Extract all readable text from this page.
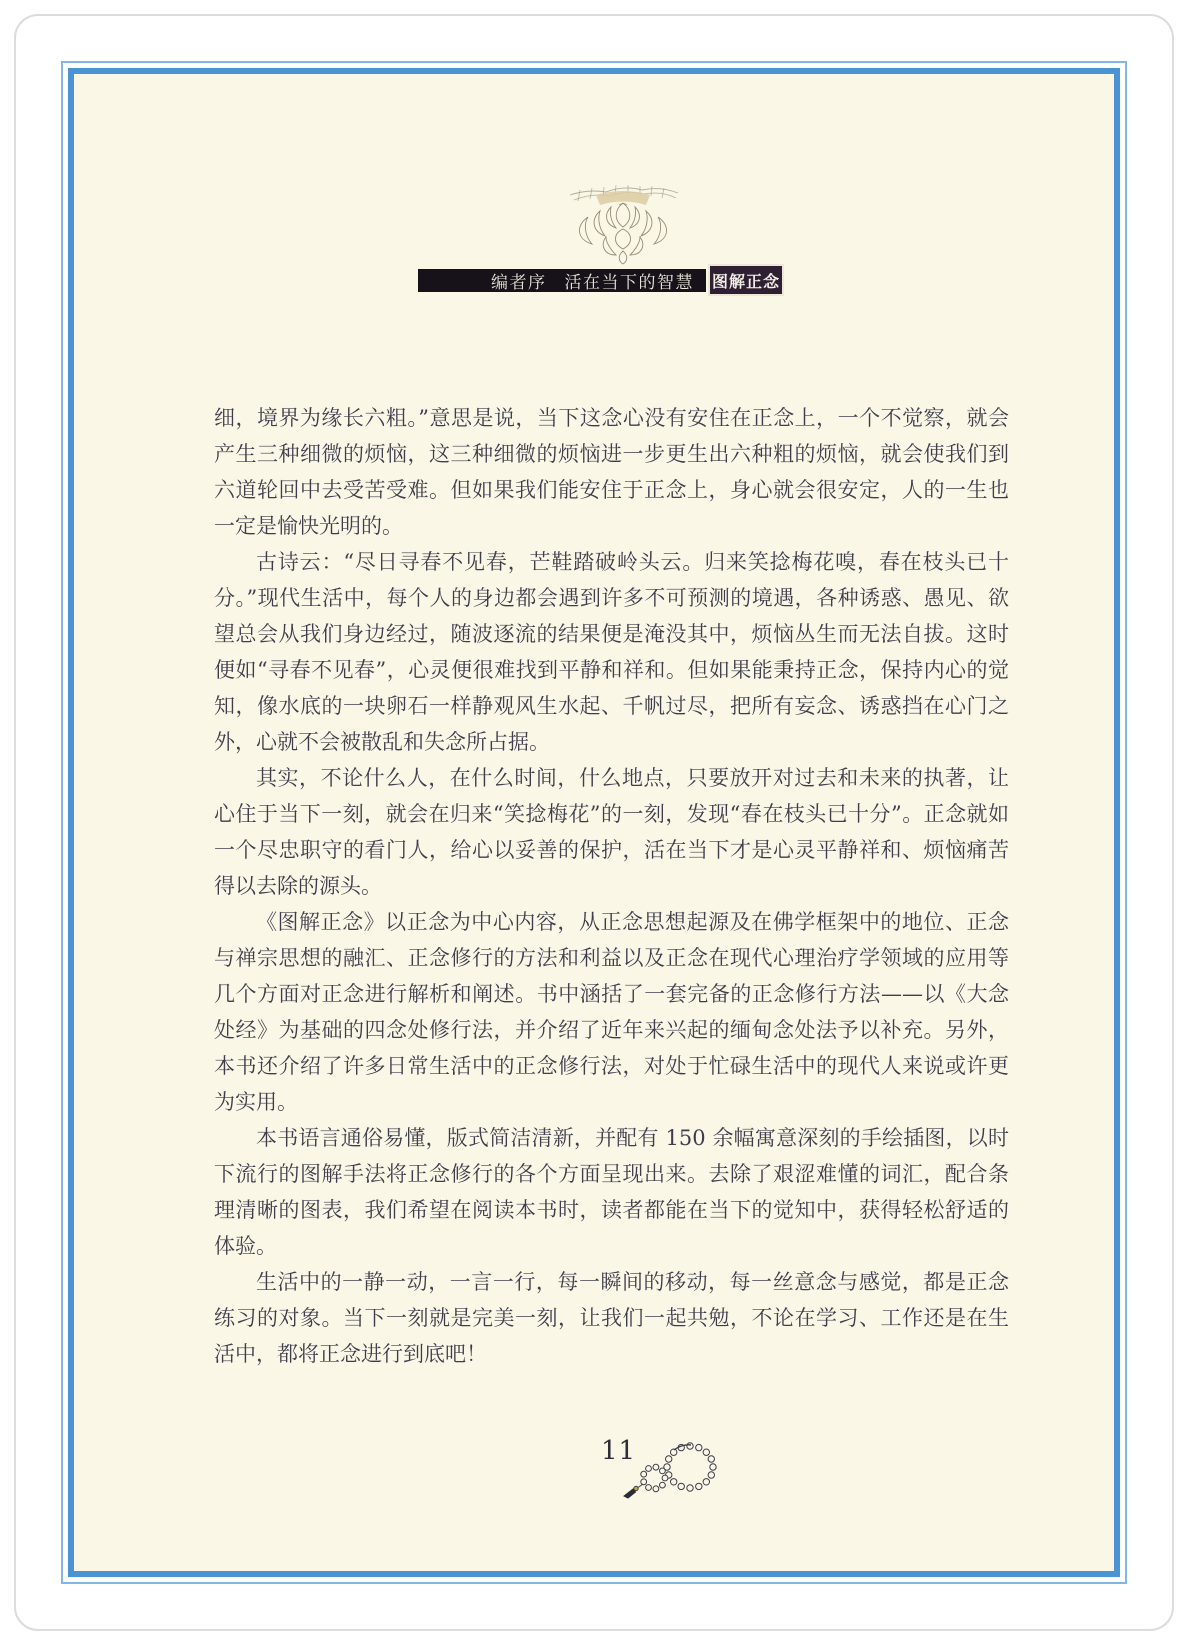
编者序 活在当下的智慧 图解正念

细，境界为缘长六粗。”意思是说，当下这念心没有安住在正念上，一个不觉察，就会产生三种细微的烦恼，这三种细微的烦恼进一步更生出六种粗的烦恼，就会使我们到六道轮回中去受苦受难。但如果我们能安住于正念上，身心就会很安定，人的一生也一定是愉快光明的。

古诗云：“尽日寻春不见春，芒鞋踏破岭头云。归来笑捻梅花嗅，春在枝头已十分。”现代生活中，每个人的身边都会遇到许多不可预测的境遇，各种诱惑、愚见、欲望总会从我们身边经过，随波逐流的结果便是淹没其中，烦恼丛生而无法自拔。这时便如“寻春不见春”，心灵便很难找到平静和祥和。但如果能秉持正念，保持内心的觉知，像水底的一块卵石一样静观风生水起、千帆过尽，把所有妄念、诱惑挡在心门之外，心就不会被散乱和失念所占据。

其实，不论什么人，在什么时间，什么地点，只要放开对过去和未来的执著，让心住于当下一刻，就会在归来“笑捻梅花”的一刻，发现“春在枝头已十分”。正念就如一个尽忠职守的看门人，给心以妥善的保护，活在当下才是心灵平静祥和、烦恼痛苦得以去除的源头。

《图解正念》以正念为中心内容，从正念思想起源及在佛学框架中的地位、正念与禅宗思想的融汇、正念修行的方法和利益以及正念在现代心理治疗学领域的应用等几个方面对正念进行解析和阐述。书中涵括了一套完备的正念修行方法——以《大念处经》为基础的四念处修行法，并介绍了近年来兴起的缅甸念处法予以补充。另外，本书还介绍了许多日常生活中的正念修行法，对处于忙碌生活中的现代人来说或许更为实用。

本书语言通俗易懂，版式简洁清新，并配有 150 余幅寓意深刻的手绘插图，以时下流行的图解手法将正念修行的各个方面呈现出来。去除了艰涩难懂的词汇，配合条理清晰的图表，我们希望在阅读本书时，读者都能在当下的觉知中，获得轻松舒适的体验。

生活中的一静一动，一言一行，每一瞬间的移动，每一丝意念与感觉，都是正念练习的对象。当下一刻就是完美一刻，让我们一起共勉，不论在学习、工作还是在生活中，都将正念进行到底吧！

11
